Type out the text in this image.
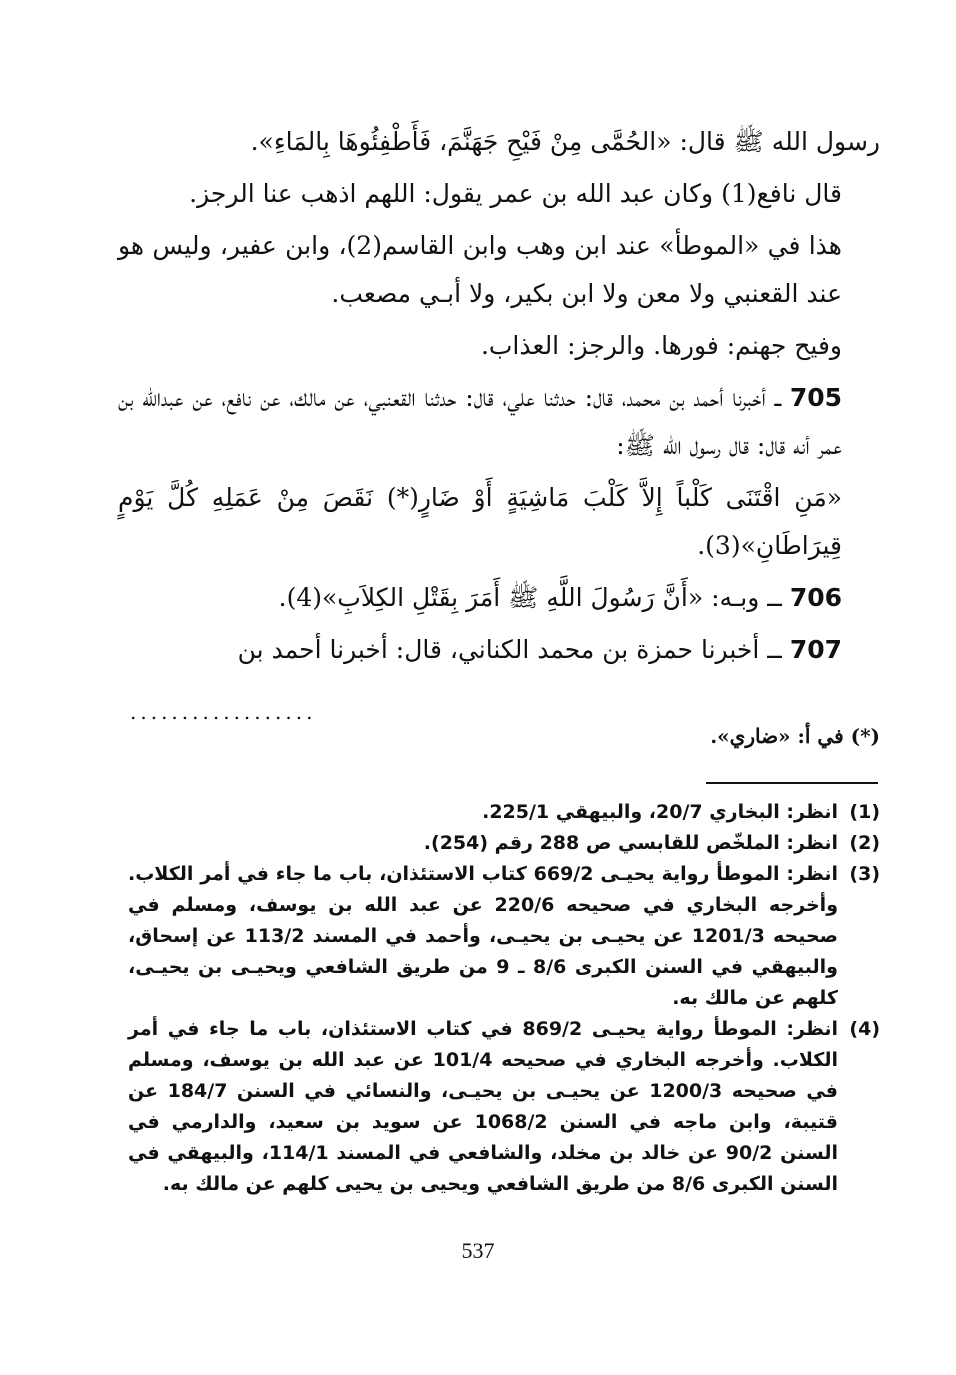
رسول الله ﷺ قال: «الحُمَّى مِنْ فَيْحِ جَهَنَّمَ، فَأَطْفِئُوهَا بِالمَاءِ».

قال نافع(1) وكان عبد الله بن عمر يقول: اللهم اذهب عنا الرجز.

هذا في «الموطأ» عند ابن وهب وابن القاسم(2)، وابن عفير، وليس هو عند القعنبي ولا معن ولا ابن بكير، ولا أبـي مصعب.

وفيح جهنم: فورها. والرجز: العذاب.

705 ــ أخبرنا أحمد بن محمد، قال: حدثنا علي، قال: حدثنا القعنبي، عن مالك، عن نافع، عن عبدالله بن عمر أنه قال: قال رسول الله ﷺ:

«مَنِ اقْتَنَى كَلْباً إِلاَّ كَلْبَ مَاشِيَةٍ أَوْ ضَارٍ(*) نَقَصَ مِنْ عَمَلِهِ كُلَّ يَوْمٍ قِيرَاطَانِ»(3).

706 ــ وبـه: «أَنَّ رَسُولَ اللَّهِ ﷺ أَمَرَ بِقَتْلِ الكِلاَبِ»(4).

707 ــ أخبرنا حمزة بن محمد الكناني، قال: أخبرنا أحمد بن

..................
(*) في أ: «ضاري».
(1)
انظر: البخاري 20/7، والبيهقي 225/1.
(2)
انظر: الملخّص للقابسي ص 288 رقم (254).
(3)
انظر: الموطأ رواية يحيـى 669/2 كتاب الاستئذان، باب ما جاء في أمر الكلاب. وأخرجه البخاري في صحيحه 220/6 عن عبد الله بن يوسف، ومسلم في صحيحه 1201/3 عن يحيـى بن يحيـى، وأحمد في المسند 113/2 عن إسحاق، والبيهقي في السنن الكبرى 8/6 ـ 9 من طريق الشافعي ويحيـى بن يحيـى، كلهم عن مالك به.
(4)
انظر: الموطأ رواية يحيـى 869/2 في كتاب الاستئذان، باب ما جاء في أمر الكلاب. وأخرجه البخاري في صحيحه 101/4 عن عبد الله بن يوسف، ومسلم في صحيحه 1200/3 عن يحيـى بن يحيـى، والنسائي في السنن 184/7 عن قتيبة، وابن ماجه في السنن 1068/2 عن سويد بن سعيد، والدارمي في السنن 90/2 عن خالد بن مخلد، والشافعي في المسند 114/1، والبيهقي في السنن الكبرى 8/6 من طريق الشافعي ويحيى بن يحيى كلهم عن مالك به.
537
